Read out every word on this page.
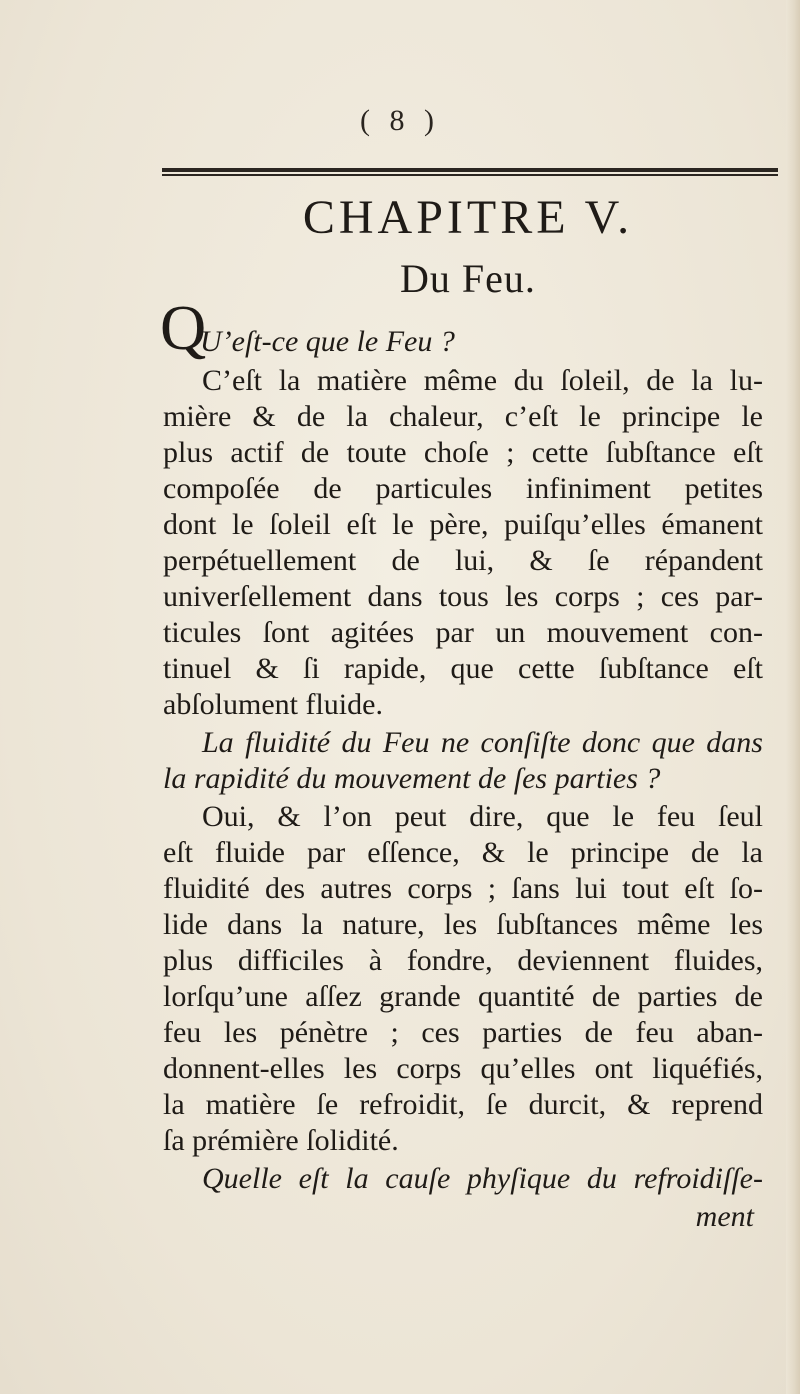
( 8 )
CHAPITRE V.
Du Feu.
Q
U’eſt-ce que le Feu ?
C’eſt la matière même du ſoleil, de la lu-
mière & de la chaleur, c’eſt le principe le
plus actif de toute choſe ; cette ſubſtance eſt
compoſée de particules infiniment petites
dont le ſoleil eſt le père, puiſqu’elles émanent
perpétuellement de lui, & ſe répandent
univerſellement dans tous les corps ; ces par-
ticules ſont agitées par un mouvement con-
tinuel & ſi rapide, que cette ſubſtance eſt
abſolument fluide.
La fluidité du Feu ne conſiſte donc que dans
la rapidité du mouvement de ſes parties ?
Oui, & l’on peut dire, que le feu ſeul
eſt fluide par eſſence, & le principe de la
fluidité des autres corps ; ſans lui tout eſt ſo-
lide dans la nature, les ſubſtances même les
plus difficiles à fondre, deviennent fluides,
lorſqu’une aſſez grande quantité de parties de
feu les pénètre ; ces parties de feu aban-
donnent-elles les corps qu’elles ont liquéfiés,
la matière ſe refroidit, ſe durcit, & reprend
ſa prémière ſolidité.
Quelle eſt la cauſe phyſique du refroidiſſe-
ment
